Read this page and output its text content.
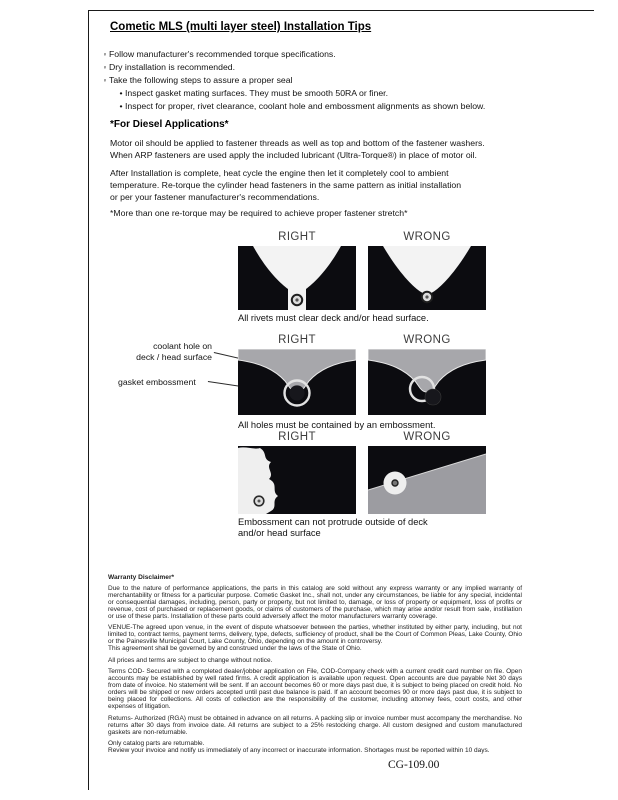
Cometic MLS (multi layer steel) Installation Tips
◦ Follow manufacturer's recommended torque specifications.
◦ Dry installation is recommended.
◦ Take the following steps to assure a proper seal
• Inspect gasket mating surfaces. They must be smooth 50RA or finer.
• Inspect for proper, rivet clearance, coolant hole and embossment alignments as shown below.
*For Diesel Applications*
Motor oil should be applied to fastener threads as well as top and bottom of the fastener washers.
When ARP fasteners are used apply the included lubricant (Ultra-Torque®) in place of motor oil.
After Installation is complete, heat cycle the engine then let it completely cool to ambient
temperature. Re-torque the cylinder head fasteners in the same pattern as initial installation
or per your fastener manufacturer's recommendations.
*More than one re-torque may be required to achieve proper fastener stretch*
RIGHT	WRONG
All rivets must clear deck and/or head surface.
RIGHT	WRONG
coolant hole on
deck / head surface
gasket embossment
All holes must be contained by an embossment.
RIGHT	WRONG
Embossment can not protrude outside of deck
and/or head surface

Warranty Disclaimer*

Due to the nature of performance applications, the parts in this catalog are sold without any express warranty or any implied warranty of merchantability or fitness for a particular purpose. Cometic Gasket Inc., shall not, under any circumstances, be liable for any special, incidental or consequential damages, including, person, party or property, but not limited to, damage, or loss of property or equipment, loss of profits or revenue, cost of purchased or replacement goods, or claims of customers of the purchase, which may arise and/or result from sale, instillation or use of these parts. Installation of these parts could adversely affect the motor manufacturers warranty coverage.

VENUE-The agreed upon venue, in the event of dispute whatsoever between the parties, whether instituted by either party, including, but not limited to, contract terms, payment terms, delivery, type, defects, sufficiency of product, shall be the Court of Common Pleas, Lake County, Ohio or the Painesville Municipal Court, Lake County, Ohio, depending on the amount in controversy.

This agreement shall be governed by and construed under the laws of the State of Ohio.

All prices and terms are subject to change without notice.

Terms COD- Secured with a completed dealer/jobber application on File, COD-Company check with a current credit card number on file. Open accounts may be established by well rated firms. A credit application is available upon request. Open accounts are due payable Net 30 days from date of invoice. No statement will be sent. If an account becomes 60 or more days past due, it is subject to being placed on credit hold. No orders will be shipped or new orders accepted until past due balance is paid. If an account becomes 90 or more days past due, it is subject to being placed for collections. All costs of collection are the responsibility of the customer, including attorney fees, court costs, and other expenses of litigation.

Returns- Authorized (RGA) must be obtained in advance on all returns. A packing slip or invoice number must accompany the merchandise. No returns after 30 days from invoice date. All returns are subject to a 25% restocking charge. All custom designed and custom manufactured gaskets are non-returnable.

Only catalog parts are returnable.

Review your invoice and notify us immediately of any incorrect or inaccurate information. Shortages must be reported within 10 days.

CG-109.00
